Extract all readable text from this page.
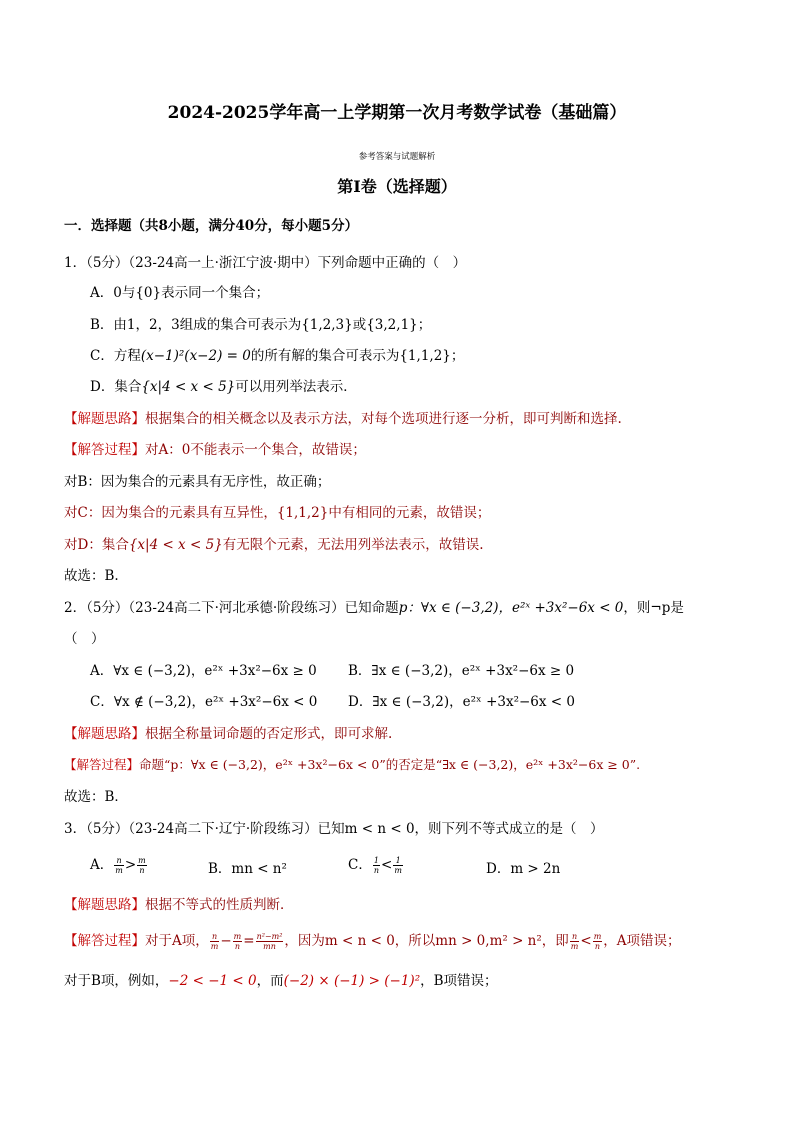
2024-2025学年高一上学期第一次月考数学试卷（基础篇）
参考答案与试题解析
第I卷（选择题）
一．选择题（共8小题，满分40分，每小题5分）
1．（5分）（23-24高一上·浙江宁波·期中）下列命题中正确的（　）
A．0与{0}表示同一个集合；
B．由1，2，3组成的集合可表示为{1,2,3}或{3,2,1}；
C．方程(x−1)²(x−2) = 0的所有解的集合可表示为{1,1,2}；
D．集合{x|4 < x < 5}可以用列举法表示．
【解题思路】根据集合的相关概念以及表示方法，对每个选项进行逐一分析，即可判断和选择.
【解答过程】对A：0不能表示一个集合，故错误；
对B：因为集合的元素具有无序性，故正确；
对C：因为集合的元素具有互异性，{1,1,2}中有相同的元素，故错误；
对D：集合{x|4 < x < 5}有无限个元素，无法用列举法表示，故错误.
故选：B.
2．（5分）（23-24高二下·河北承德·阶段练习）已知命题p：∀x ∈ (−3,2)，e²ˣ +3x²−6x < 0，则¬p是
（　）
A．∀x ∈ (−3,2)，e²ˣ +3x²−6x ≥ 0 B．∃x ∈ (−3,2)，e²ˣ +3x²−6x ≥ 0
C．∀x ∉ (−3,2)，e²ˣ +3x²−6x < 0 D．∃x ∈ (−3,2)，e²ˣ +3x²−6x < 0
【解题思路】根据全称量词命题的否定形式，即可求解.
【解答过程】命题“p：∀x ∈ (−3,2)，e²ˣ +3x²−6x < 0”的否定是“∃x ∈ (−3,2)，e²ˣ +3x²−6x ≥ 0”.
故选：B．
3．（5分）（23-24高二下·辽宁·阶段练习）已知m < n < 0，则下列不等式成立的是（　）
A． $\frac{n}{m} > \frac{m}{n}$	B．mn < n²	C． $\frac{1}{n} < \frac{1}{m}$	D．m > 2n
【解题思路】根据不等式的性质判断．
【解答过程】对于A项， $\frac{n}{m} - \frac{m}{n} = \frac{\text{n²−m²}}{mn}$ ，因为m < n < 0，所以mn > 0,m² > n²，即 $\frac{n}{m} < \frac{m}{n}$ ，A项错误；
对于B项，例如，−2 < −1 < 0，而(−2) × (−1) > (−1)²，B项错误；
